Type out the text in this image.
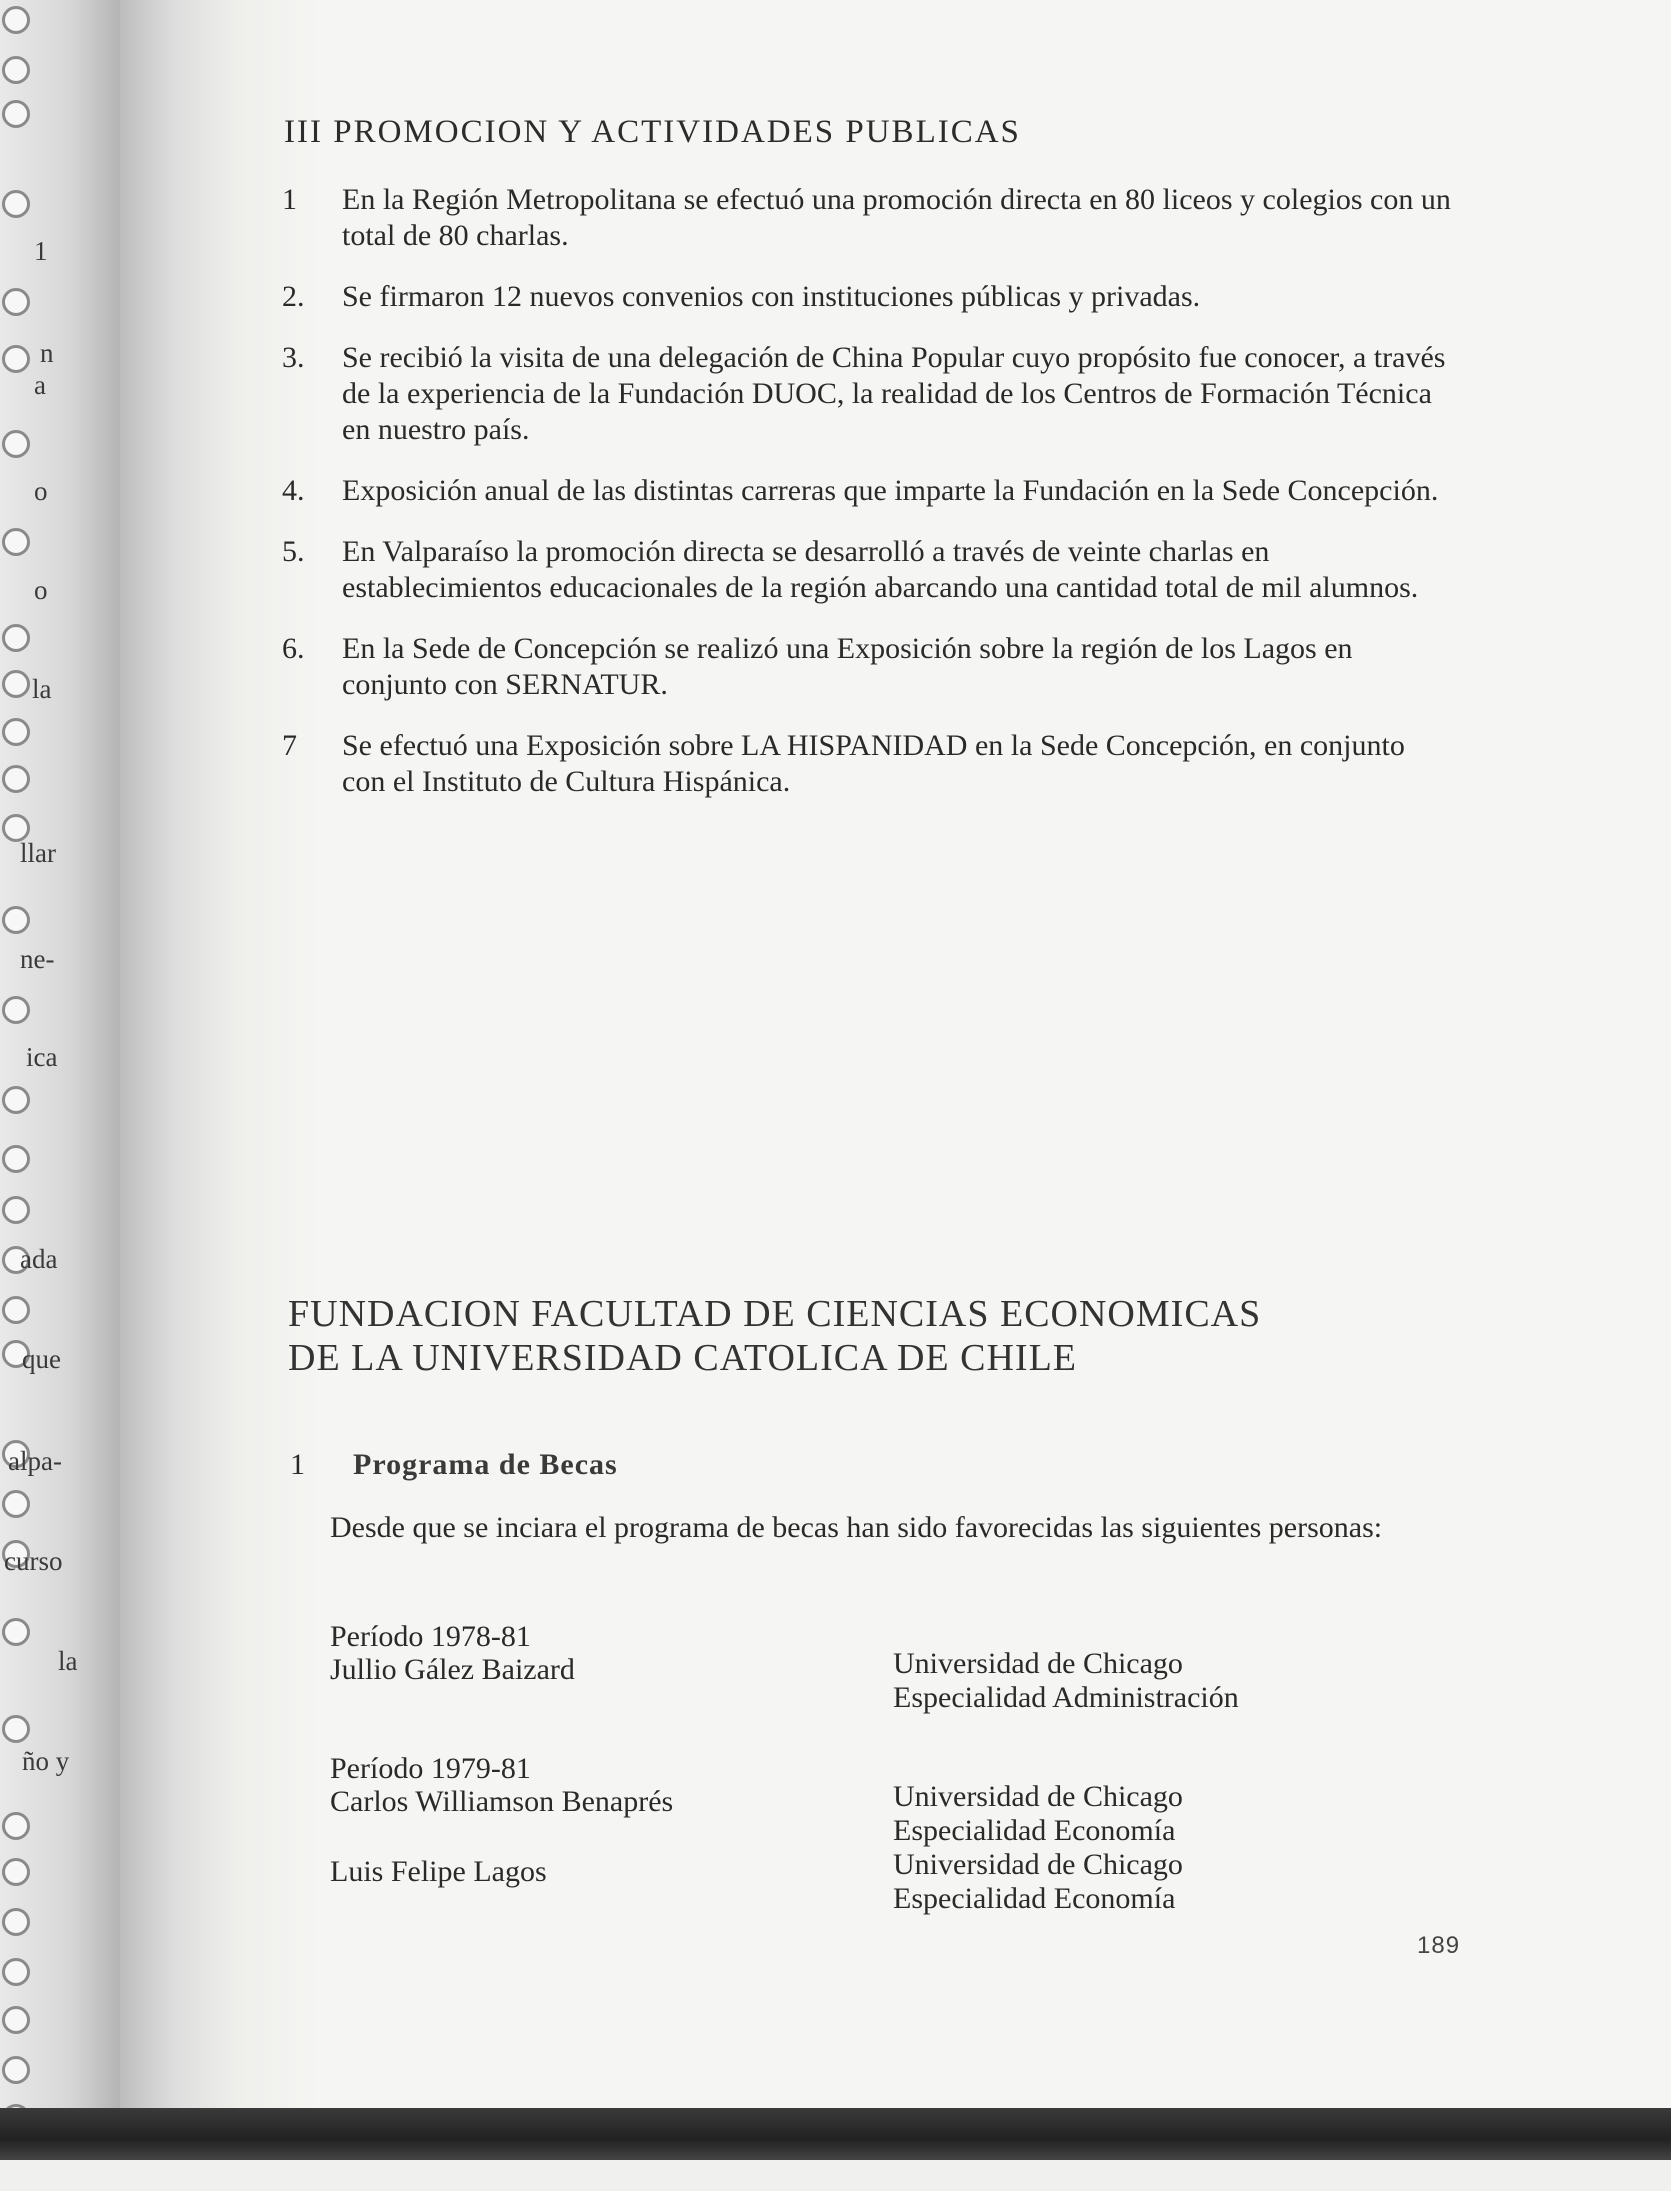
1
n
a
o
o
la
llar
ne-
ica
ada
que
alpa-
curso
la
ño y
III PROMOCION Y ACTIVIDADES PUBLICAS
1	En la Región Metropolitana se efectuó una promoción directa en 80 liceos y colegios con un total de 80 charlas.
2.	Se firmaron 12 nuevos convenios con instituciones públicas y privadas.
3.	Se recibió la visita de una delegación de China Popular cuyo propósito fue conocer, a través de la experiencia de la Fundación DUOC, la realidad de los Centros de Formación Técnica en nuestro país.
4.	Exposición anual de las distintas carreras que imparte la Fundación en la Sede Concepción.
5.	En Valparaíso la promoción directa se desarrolló a través de veinte charlas en establecimientos educacionales de la región abarcando una cantidad total de mil alumnos.
6.	En la Sede de Concepción se realizó una Exposición sobre la región de los Lagos en conjunto con SERNATUR.
7	Se efectuó una Exposición sobre LA HISPANIDAD en la Sede Concepción, en conjunto con el Instituto de Cultura Hispánica.
FUNDACION FACULTAD DE CIENCIAS ECONOMICAS
DE LA UNIVERSIDAD CATOLICA DE CHILE
1 Programa de Becas
Desde que se inciara el programa de becas han sido favorecidas las siguientes personas:
Período 1978-81
Jullio Gález Baizard	Universidad de Chicago
Especialidad Administración
Período 1979-81
Carlos Williamson Benaprés	Universidad de Chicago
Especialidad Economía
Luis Felipe Lagos	Universidad de Chicago
Especialidad Economía
189
